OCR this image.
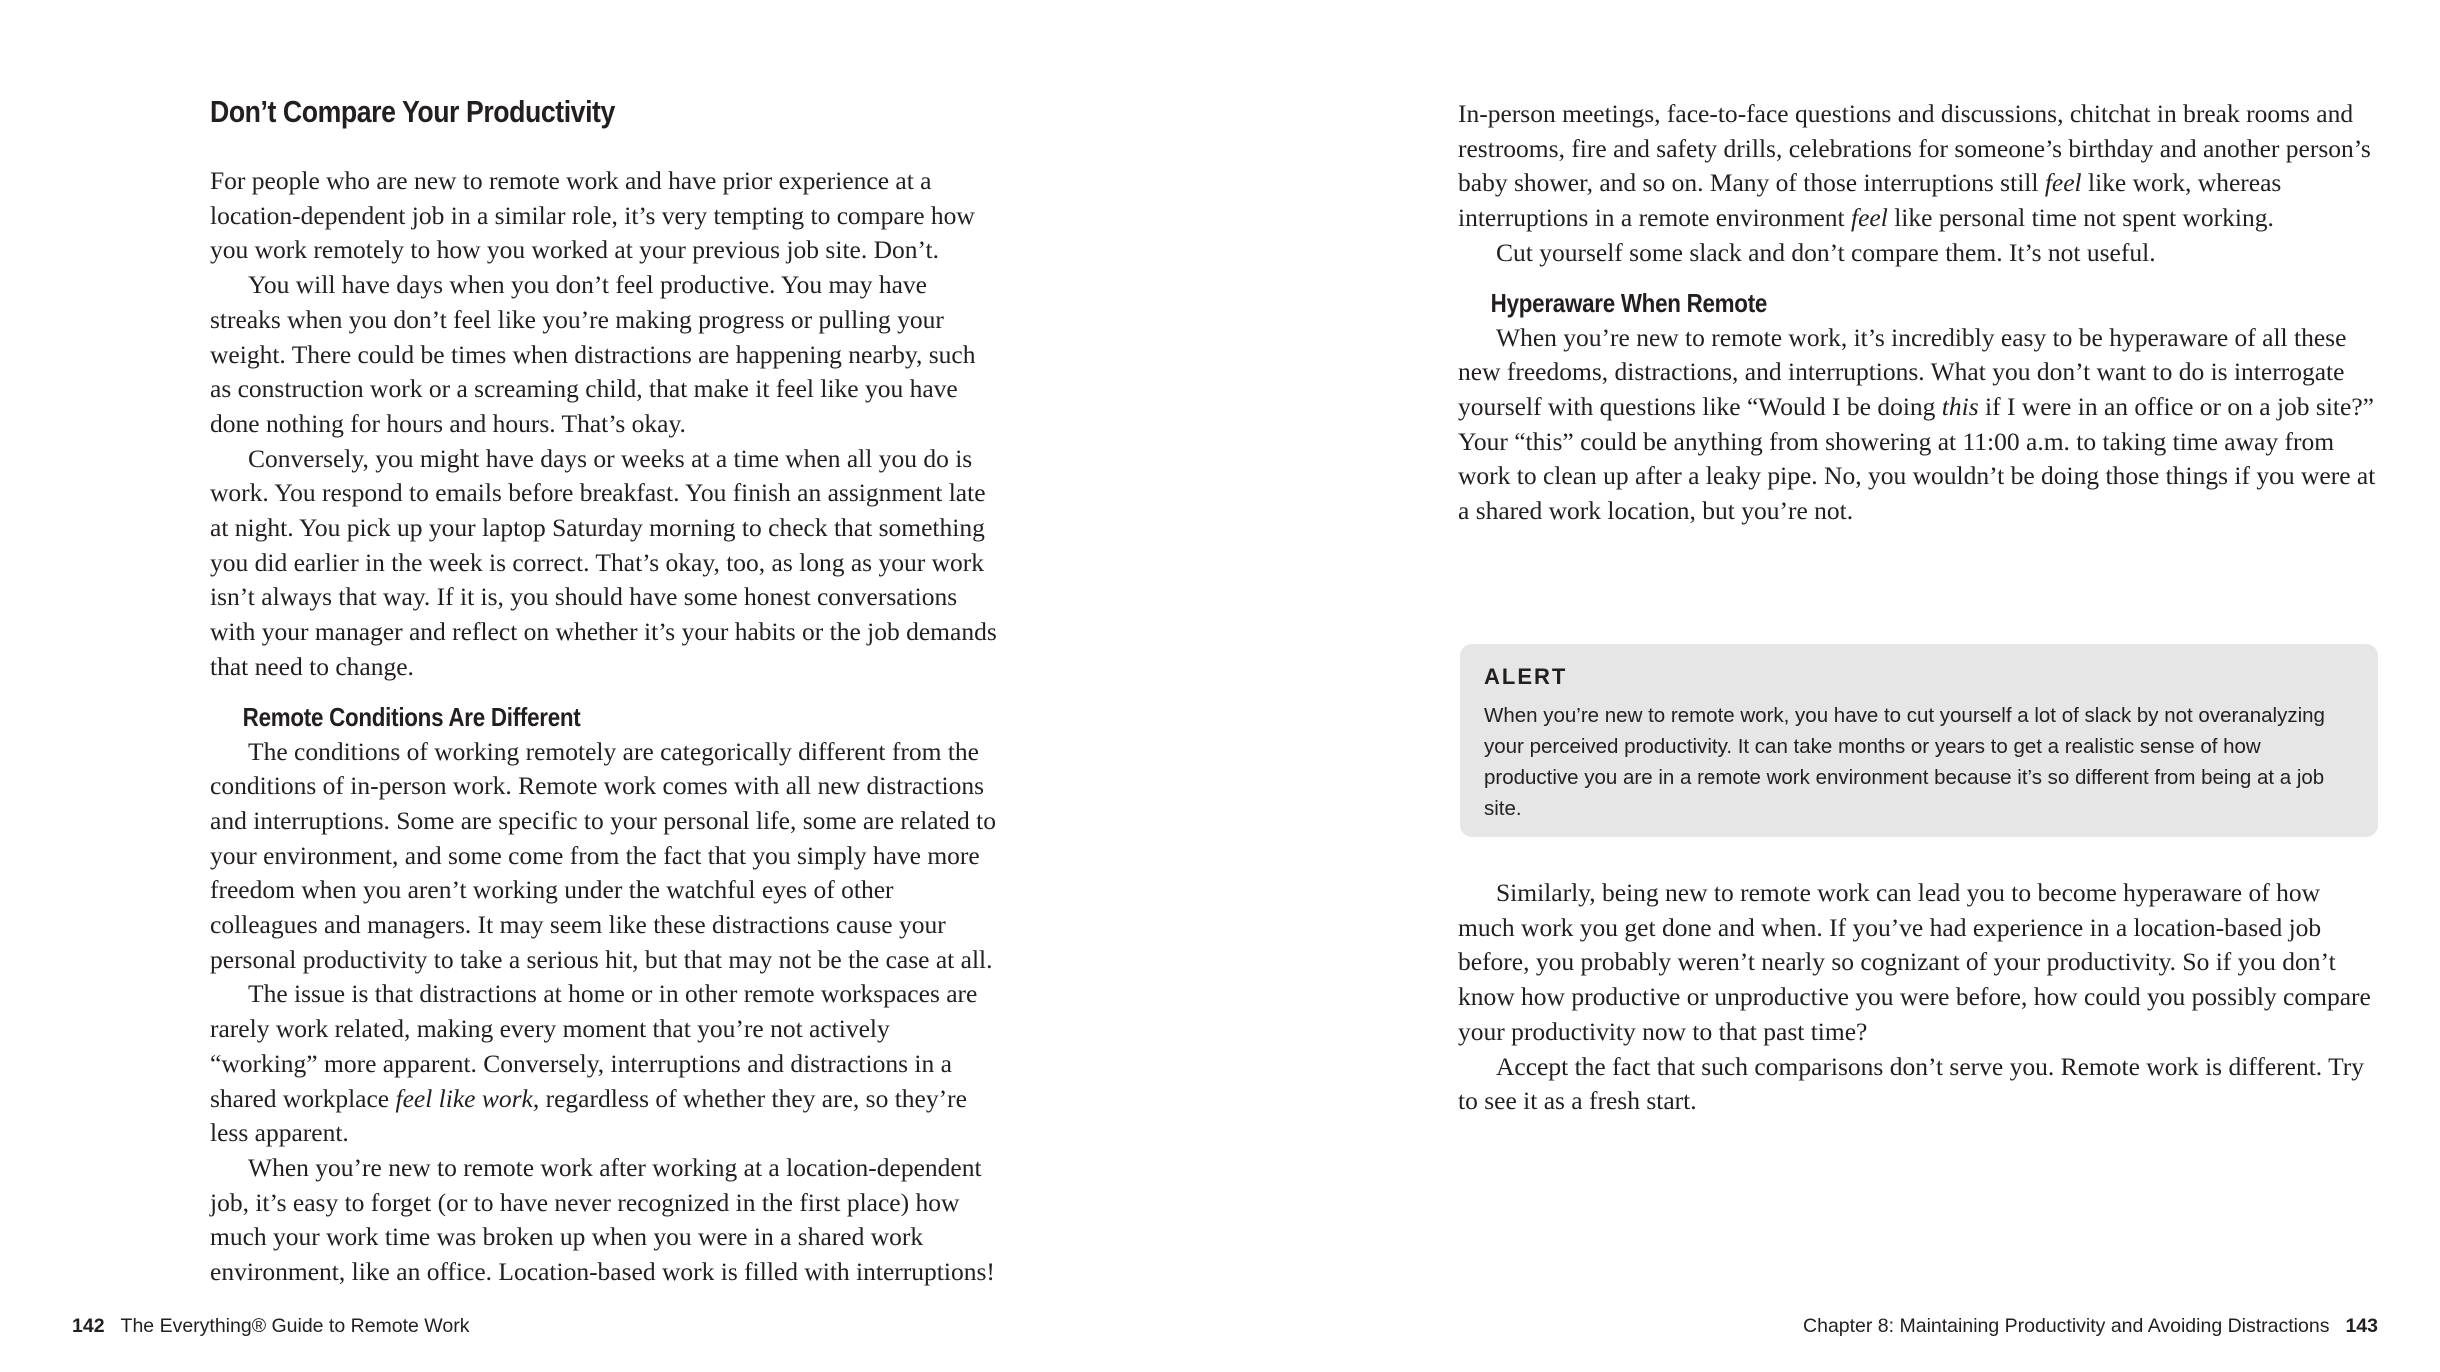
Don’t Compare Your Productivity

For people who are new to remote work and have prior experience at a location-dependent job in a similar role, it’s very tempting to compare how you work remotely to how you worked at your previous job site. Don’t.

You will have days when you don’t feel productive. You may have streaks when you don’t feel like you’re making progress or pulling your weight. There could be times when distractions are happening nearby, such as construction work or a screaming child, that make it feel like you have done nothing for hours and hours. That’s okay.

Conversely, you might have days or weeks at a time when all you do is work. You respond to emails before breakfast. You finish an assignment late at night. You pick up your laptop Saturday morning to check that something you did earlier in the week is correct. That’s okay, too, as long as your work isn’t always that way. If it is, you should have some honest conversations with your manager and reflect on whether it’s your habits or the job demands that need to change.

Remote Conditions Are Different

The conditions of working remotely are categorically different from the conditions of in-person work. Remote work comes with all new distractions and interruptions. Some are specific to your personal life, some are related to your environment, and some come from the fact that you simply have more freedom when you aren’t working under the watchful eyes of other colleagues and managers. It may seem like these distractions cause your personal productivity to take a serious hit, but that may not be the case at all.

The issue is that distractions at home or in other remote workspaces are rarely work related, making every moment that you’re not actively “working” more apparent. Conversely, interruptions and distractions in a shared workplace feel like work, regardless of whether they are, so they’re less apparent.

When you’re new to remote work after working at a location-dependent job, it’s easy to forget (or to have never recognized in the first place) how much your work time was broken up when you were in a shared work environment, like an office. Location-based work is filled with interruptions!

142 The Everything® Guide to Remote Work

In-person meetings, face-to-face questions and discussions, chitchat in break rooms and restrooms, fire and safety drills, celebrations for someone’s birthday and another person’s baby shower, and so on. Many of those interruptions still feel like work, whereas interruptions in a remote environment feel like personal time not spent working.

Cut yourself some slack and don’t compare them. It’s not useful.

Hyperaware When Remote

When you’re new to remote work, it’s incredibly easy to be hyperaware of all these new freedoms, distractions, and interruptions. What you don’t want to do is interrogate yourself with questions like “Would I be doing this if I were in an office or on a job site?” Your “this” could be anything from showering at 11:00 a.m. to taking time away from work to clean up after a leaky pipe. No, you wouldn’t be doing those things if you were at a shared work location, but you’re not.

Similarly, being new to remote work can lead you to become hyperaware of how much work you get done and when. If you’ve had experience in a location-based job before, you probably weren’t nearly so cognizant of your productivity. So if you don’t know how productive or unproductive you were before, how could you possibly compare your productivity now to that past time?

Accept the fact that such comparisons don’t serve you. Remote work is different. Try to see it as a fresh start.

Chapter 8: Maintaining Productivity and Avoiding Distractions 143
ALERT

When you’re new to remote work, you have to cut yourself a lot of slack by not overanalyzing your perceived productivity. It can take months or years to get a realistic sense of how productive you are in a remote work environment because it’s so different from being at a job site.
